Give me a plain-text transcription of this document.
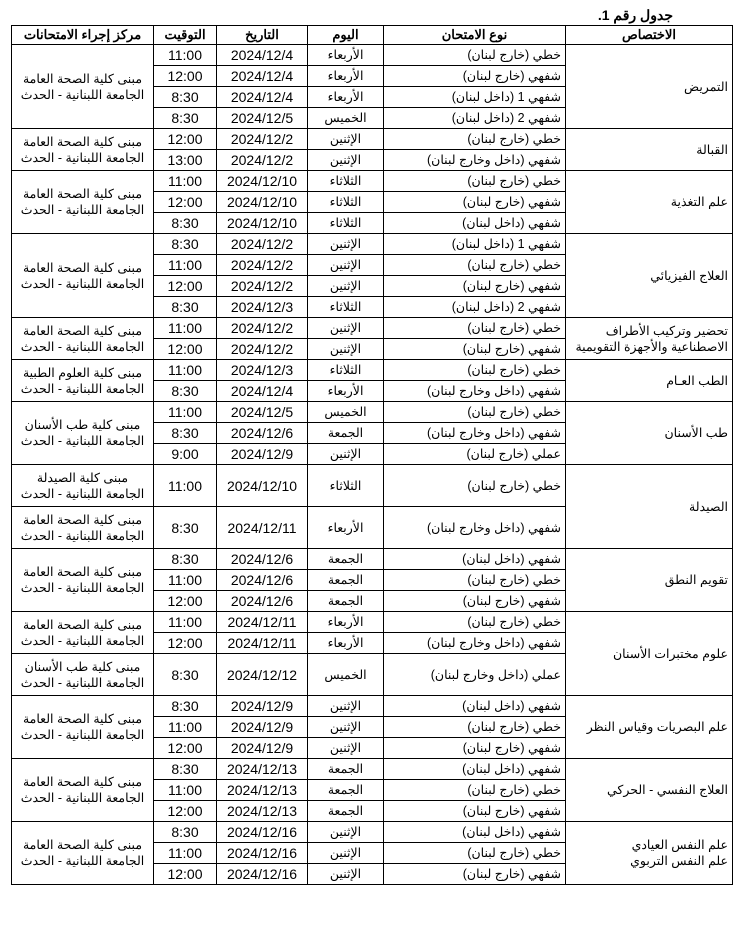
جدول رقم 1.
الاختصاص	نوع الامتحان	اليوم	التاريخ	التوقيت	مركز إجراء الامتحانات

التمريض	خطي (خارج لبنان)	الأربعاء	2024/12/4	11:00	مبنى كلية الصحة العامة
الجامعة اللبنانية - الحدث

	شفهي (خارج لبنان)	الأربعاء	2024/12/4	12:00	
	شفهي 1 (داخل لبنان)	الأربعاء	2024/12/4	8:30	
	شفهي 2 (داخل لبنان)	الخميس	2024/12/5	8:30	

القبالة	خطي (خارج لبنان)	الإثنين	2024/12/2	12:00	مبنى كلية الصحة العامة
الجامعة اللبنانية - الحدث

	شفهي (داخل وخارج لبنان)	الإثنين	2024/12/2	13:00	

علم التغذية	خطي (خارج لبنان)	الثلاثاء	2024/12/10	11:00	مبنى كلية الصحة العامة
الجامعة اللبنانية - الحدث

	شفهي (خارج لبنان)	الثلاثاء	2024/12/10	12:00	
	شفهي (داخل لبنان)	الثلاثاء	2024/12/10	8:30	

العلاج الفيزيائي	شفهي 1 (داخل لبنان)	الإثنين	2024/12/2	8:30	مبنى كلية الصحة العامة
الجامعة اللبنانية - الحدث

	خطي (خارج لبنان)	الإثنين	2024/12/2	11:00	
	شفهي (خارج لبنان)	الإثنين	2024/12/2	12:00	
	شفهي 2 (داخل لبنان)	الثلاثاء	2024/12/3	8:30	

تحضير وتركيب الأطراف
الاصطناعية والأجهزة التقويمية	خطي (خارج لبنان)	الإثنين	2024/12/2	11:00	مبنى كلية الصحة العامة
الجامعة اللبنانية - الحدث

	شفهي (خارج لبنان)	الإثنين	2024/12/2	12:00	

الطب العـام	خطي (خارج لبنان)	الثلاثاء	2024/12/3	11:00	مبنى كلية العلوم الطبية
الجامعة اللبنانية - الحدث

	شفهي (داخل وخارج لبنان)	الأربعاء	2024/12/4	8:30	

طب الأسنان	خطي (خارج لبنان)	الخميس	2024/12/5	11:00	مبنى كلية طب الأسنان
الجامعة اللبنانية - الحدث

	شفهي (داخل وخارج لبنان)	الجمعة	2024/12/6	8:30	
	عملي (خارج لبنان)	الإثنين	2024/12/9	9:00	

الصيدلة	خطي (خارج لبنان)	الثلاثاء	2024/12/10	11:00	مبنى كلية الصيدلة
الجامعة اللبنانية - الحدث

	شفهي (داخل وخارج لبنان)	الأربعاء	2024/12/11	8:30	مبنى كلية الصحة العامة
الجامعة اللبنانية - الحدث

تقويم النطق	شفهي (داخل لبنان)	الجمعة	2024/12/6	8:30	مبنى كلية الصحة العامة
الجامعة اللبنانية - الحدث

	خطي (خارج لبنان)	الجمعة	2024/12/6	11:00	
	شفهي (خارج لبنان)	الجمعة	2024/12/6	12:00	

علوم مختبرات الأسنان	خطي (خارج لبنان)	الأربعاء	2024/12/11	11:00	مبنى كلية الصحة العامة
الجامعة اللبنانية - الحدث

	شفهي (داخل وخارج لبنان)	الأربعاء	2024/12/11	12:00	
	عملي (داخل وخارج لبنان)	الخميس	2024/12/12	8:30	مبنى كلية طب الأسنان
الجامعة اللبنانية - الحدث

علم البصريات وقياس النظر	شفهي (داخل لبنان)	الإثنين	2024/12/9	8:30	مبنى كلية الصحة العامة
الجامعة اللبنانية - الحدث

	خطي (خارج لبنان)	الإثنين	2024/12/9	11:00	
	شفهي (خارج لبنان)	الإثنين	2024/12/9	12:00	

العلاج النفسي - الحركي	شفهي (داخل لبنان)	الجمعة	2024/12/13	8:30	مبنى كلية الصحة العامة
الجامعة اللبنانية - الحدث

	خطي (خارج لبنان)	الجمعة	2024/12/13	11:00	
	شفهي (خارج لبنان)	الجمعة	2024/12/13	12:00	

علم النفس العيادي
علم النفس التربوي	شفهي (داخل لبنان)	الإثنين	2024/12/16	8:30	مبنى كلية الصحة العامة
الجامعة اللبنانية - الحدث

	خطي (خارج لبنان)	الإثنين	2024/12/16	11:00	
	شفهي (خارج لبنان)	الإثنين	2024/12/16	12:00	
